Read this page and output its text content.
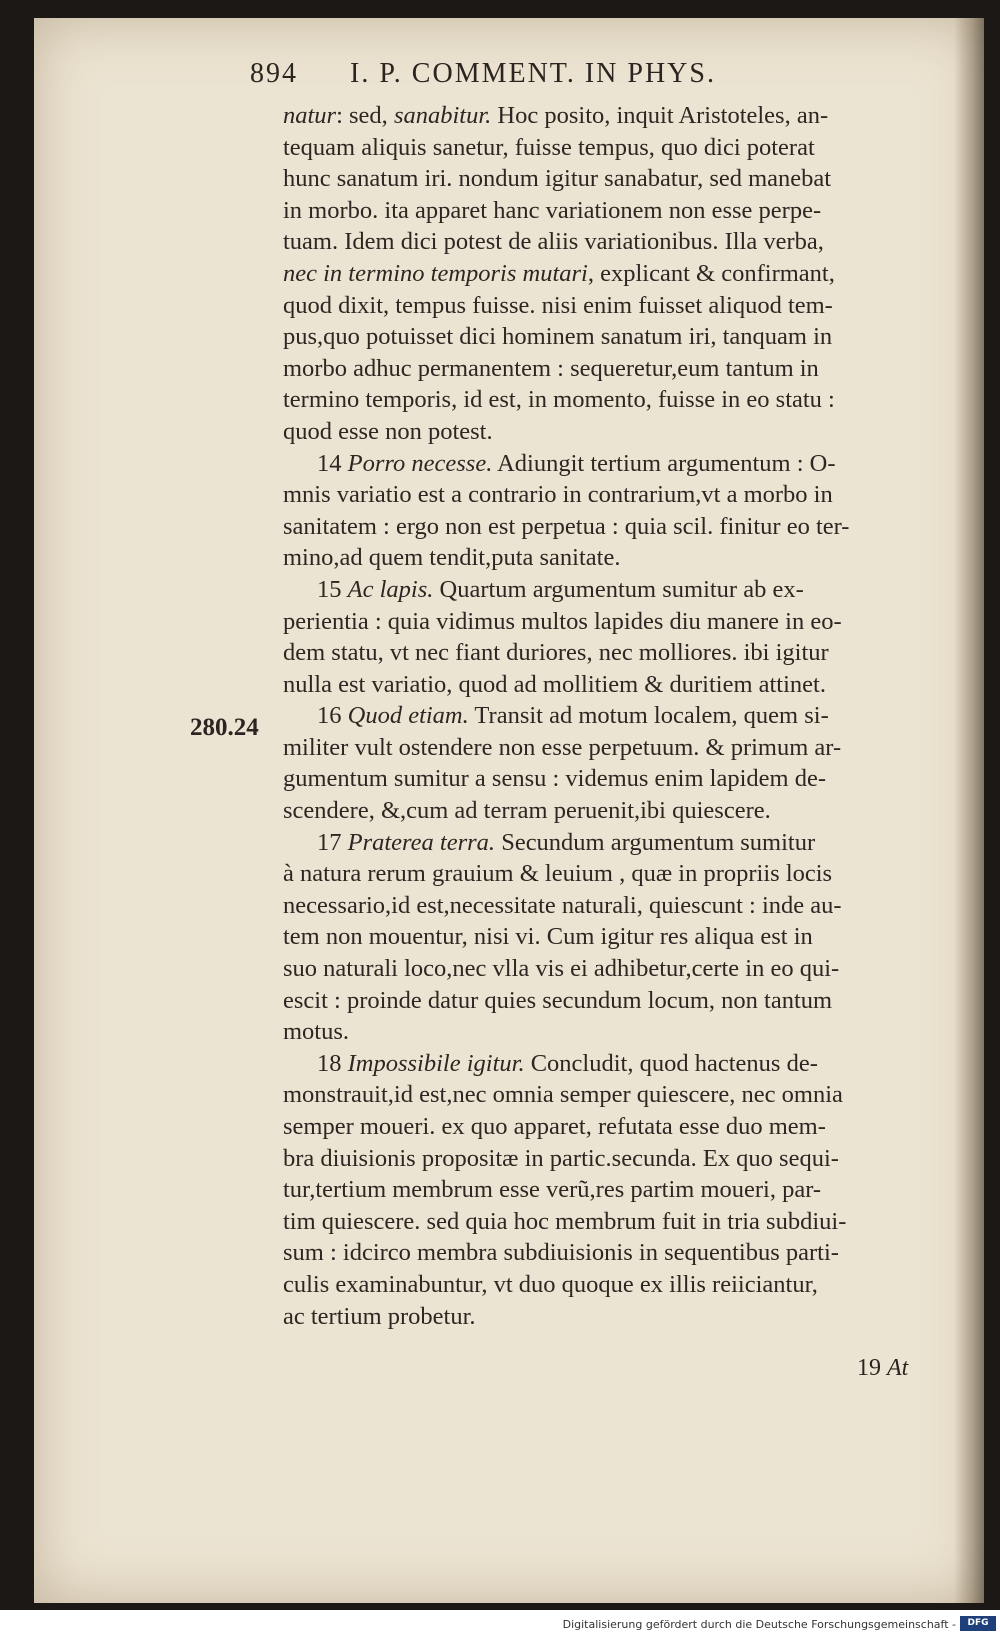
894 I. P. COMMENT. IN PHYS.
280.24
natur: sed, sanabitur. Hoc posito, inquit Aristoteles, an-
tequam aliquis sanetur, fuisse tempus, quo dici poterat
hunc sanatum iri. nondum igitur sanabatur, sed manebat
in morbo. ita apparet hanc variationem non esse perpe-
tuam. Idem dici potest de aliis variationibus. Illa verba,
nec in termino temporis mutari, explicant & confirmant,
quod dixit, tempus fuisse. nisi enim fuisset aliquod tem-
pus,quo potuisset dici hominem sanatum iri, tanquam in
morbo adhuc permanentem : sequeretur,eum tantum in
termino temporis, id est, in momento, fuisse in eo statu :
quod esse non potest.
14 Porro necesse. Adiungit tertium argumentum : O-
mnis variatio est a contrario in contrarium,vt a morbo in
sanitatem : ergo non est perpetua : quia scil. finitur eo ter-
mino,ad quem tendit,puta sanitate.
15 Ac lapis. Quartum argumentum sumitur ab ex-
perientia : quia vidimus multos lapides diu manere in eo-
dem statu, vt nec fiant duriores, nec molliores. ibi igitur
nulla est variatio, quod ad mollitiem & duritiem attinet.
16 Quod etiam. Transit ad motum localem, quem si-
militer vult ostendere non esse perpetuum. & primum ar-
gumentum sumitur a sensu : videmus enim lapidem de-
scendere, &,cum ad terram peruenit,ibi quiescere.
17 Praterea terra. Secundum argumentum sumitur
à natura rerum grauium & leuium , quæ in propriis locis
necessario,id est,necessitate naturali, quiescunt : inde au-
tem non mouentur, nisi vi. Cum igitur res aliqua est in
suo naturali loco,nec vlla vis ei adhibetur,certe in eo qui-
escit : proinde datur quies secundum locum, non tantum
motus.
18 Impossibile igitur. Concludit, quod hactenus de-
monstrauit,id est,nec omnia semper quiescere, nec omnia
semper moueri. ex quo apparet, refutata esse duo mem-
bra diuisionis propositæ in partic.secunda. Ex quo sequi-
tur,tertium membrum esse verũ,res partim moueri, par-
tim quiescere. sed quia hoc membrum fuit in tria subdiui-
sum : idcirco membra subdiuisionis in sequentibus parti-
culis examinabuntur, vt duo quoque ex illis reiiciantur,
ac tertium probetur.
19 At
Digitalisierung gefördert durch die Deutsche Forschungsgemeinschaft -	DFG
